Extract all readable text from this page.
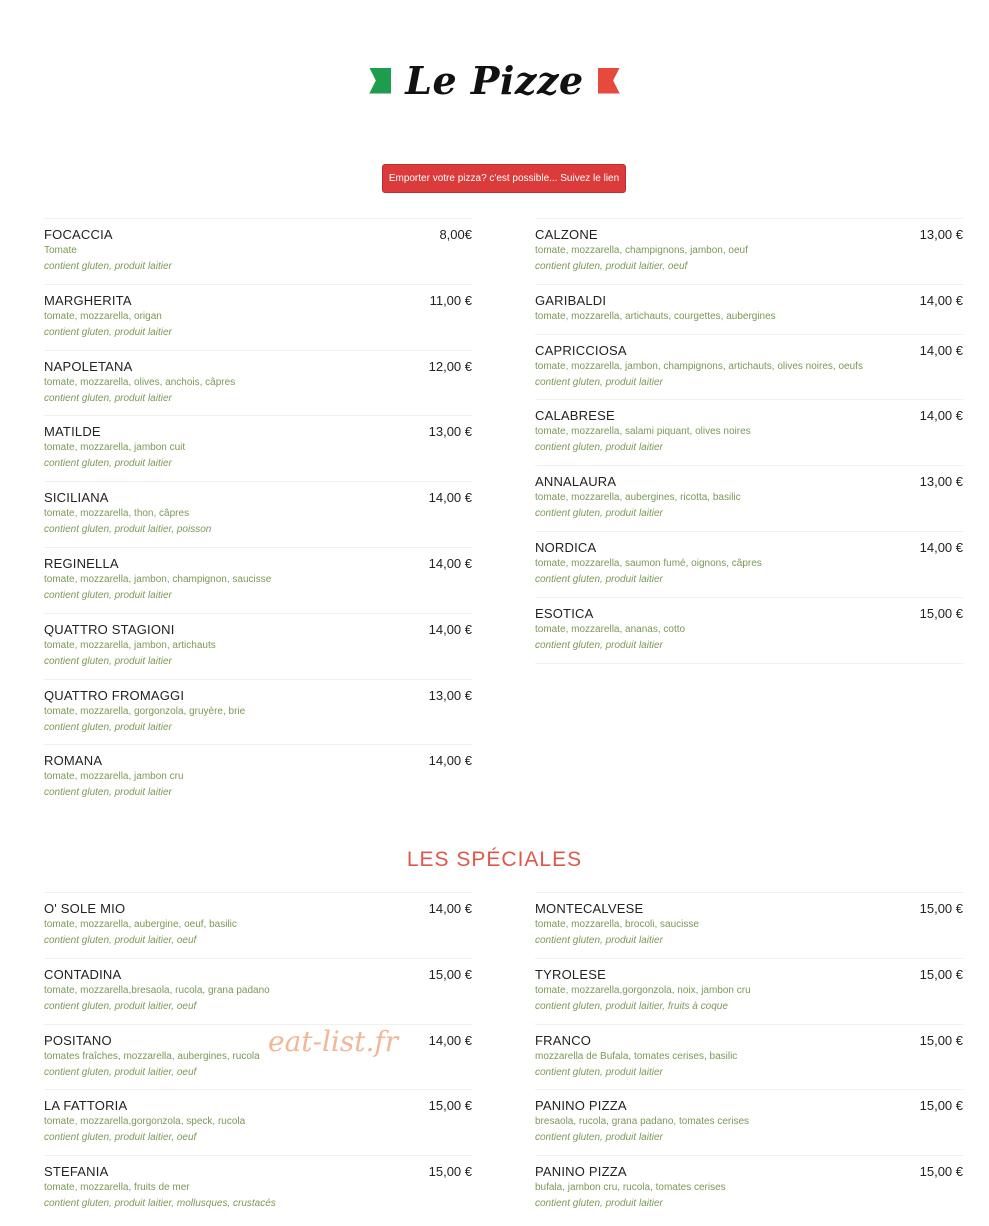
Le Pizze
Emporter votre pizza? c'est possible... Suivez le lien
FOCACCIA	8,00€
Tomate
contient gluten, produit laitier
MARGHERITA	11,00 €
tomate, mozzarella, origan
contient gluten, produit laitier
NAPOLETANA	12,00 €
tomate, mozzarella, olives, anchois, câpres
contient gluten, produit laitier
MATILDE	13,00 €
tomate, mozzarella, jambon cuit
contient gluten, produit laitier
SICILIANA	14,00 €
tomate, mozzarella, thon, câpres
contient gluten, produit laitier, poisson
REGINELLA	14,00 €
tomate, mozzarella, jambon, champignon, saucisse
contient gluten, produit laitier
QUATTRO STAGIONI	14,00 €
tomate, mozzarella, jambon, artichauts
contient gluten, produit laitier
QUATTRO FROMAGGI	13,00 €
tomate, mozzarella, gorgonzola, gruyère, brie
contient gluten, produit laitier
ROMANA	14,00 €
tomate, mozzarella, jambon cru
contient gluten, produit laitier
CALZONE	13,00 €
tomate, mozzarella, champignons, jambon, oeuf
contient gluten, produit laitier, oeuf
GARIBALDI	14,00 €
tomate, mozzarella, artichauts, courgettes, aubergines
CAPRICCIOSA	14,00 €
tomate, mozzarella, jambon, champignons, artichauts, olives noires, oeufs
contient gluten, produit laitier
CALABRESE	14,00 €
tomate, mozzarella, salami piquant, olives noires
contient gluten, produit laitier
ANNALAURA	13,00 €
tomate, mozzarella, aubergines, ricotta, basilic
contient gluten, produit laitier
NORDICA	14,00 €
tomate, mozzarella, saumon fumé, oignons, câpres
contient gluten, produit laitier
ESOTICA	15,00 €
tomate, mozzarella, ananas, cotto
contient gluten, produit laitier
LES SPÉCIALES
O' SOLE MIO	14,00 €
tomate, mozzarella, aubergine, oeuf, basilic
contient gluten, produit laitier, oeuf
CONTADINA	15,00 €
tomate, mozzarella,bresaola, rucola, grana padano
contient gluten, produit laitier, oeuf
POSITANO	14,00 €
tomates fraîches, mozzarella, aubergines, rucola
contient gluten, produit laitier, oeuf
LA FATTORIA	15,00 €
tomate, mozzarella,gorgonzola, speck, rucola
contient gluten, produit laitier, oeuf
STEFANIA	15,00 €
tomate, mozzarella, fruits de mer
contient gluten, produit laitier, mollusques, crustacés
MONTECALVESE	15,00 €
tomate, mozzarella, brocoli, saucisse
contient gluten, produit laitier
TYROLESE	15,00 €
tomate, mozzarella,gorgonzola, noix, jambon cru
contient gluten, produit laitier, fruits à coque
FRANCO	15,00 €
mozzarella de Bufala, tomates cerises, basilic
contient gluten, produit laitier
PANINO PIZZA	15,00 €
bresaola, rucola, grana padano, tomates cerises
contient gluten, produit laitier
PANINO PIZZA	15,00 €
bufala, jambon cru, rucola, tomates cerises
contient gluten, produit laitier
eat-list.fr
